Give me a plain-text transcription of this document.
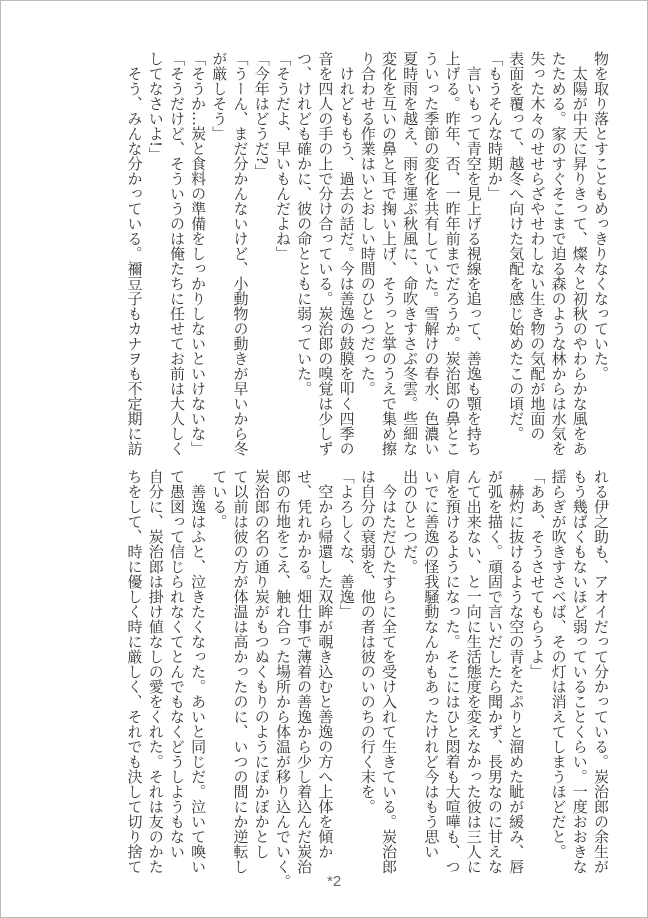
物を取り落とすこともめっきりなくなっていた。
　太陽が中天に昇りきって、燦々と初秋のやわらかな風をあ
たためる。家のすぐそこまで迫る森のような林からは水気を
失った木々のせせらざやせわしない生き物の気配が地面の
表面を覆って、越冬へ向けた気配を感じ始めたこの頃だ。
「もうそんな時期か」
　言いもって青空を見上げる視線を追って、善逸も顎を持ち
上げる。昨年、否、一昨年前までだろうか。炭治郎の鼻とこ
ういった季節の変化を共有していた。雪解けの春水、色濃い
夏時雨を越え、雨を運ぶ秋風に、命吹きすさぶ冬雲。些細な
変化を互いの鼻と耳で掬い上げ、そうっと掌のうえで集め擦
り合わせる作業はいとおしい時間のひとつだった。
　けれどももう、過去の話だ。今は善逸の鼓膜を叩く四季の
音を四人の手の上で分け合っている。炭治郎の嗅覚は少しず
つ、けれども確かに、彼の命とともに弱っていた。
「そうだよ、早いもんだよね」
「今年はどうだ?」
「うーん、まだ分かんないけど、小動物の動きが早いから冬
が厳しそう」
「そうか…炭と食料の準備をしっかりしないといけないな」
「そうだけど、そういうのは俺たちに任せてお前は大人しく
してなさいよ!」
　そう、みんな分かっている。禰豆子もカナヲも不定期に訪
れる伊之助も、アオイだって分かっている。炭治郎の余生が
もう幾ばくもないほど弱っていることくらい。一度おおきな
揺らぎが吹きすさべば、その灯は消えてしまうほどだと。
「ああ、そうさせてもらうよ」
　赫灼に抜けるような空の青をたぷりと溜めた眦が緩み、唇
が弧を描く。頑固で言いだしたら聞かず、長男なのに甘えな
んて出来ない、と一向に生活態度を変えなかった彼は三人に
肩を預けるようになった。そこにはひと悶着も大喧嘩も、つ
いでに善逸の怪我騒動なんかもあったけれど今はもう思い
出のひとつだ。
　今はただひたすらに全てを受け入れて生きている。炭治郎
は自分の衰弱を、他の者は彼のいのちの行く末を。
「よろしくな、善逸」
　空から帰還した双眸が覗き込むと善逸の方へ上体を傾か
せ、凭れかかる。畑仕事で薄着の善逸から少し着込んだ炭治
郎の布地をこえ、触れ合った場所から体温が移り込んでいく。
炭治郎の名の通り炭がもつぬくもりのようにぽかぽかとし
て以前は彼の方が体温は高かったのに、いつの間にか逆転し
ている。
　善逸はふと、泣きたくなった。あいと同じだ。泣いて喚い
て愚図って信じられなくてとんでもなくどうしようもない
自分に、炭治郎は掛け値なしの愛をくれた。それは友のかた
ちをして、時に優しく時に厳しく、それでも決して切り捨て
*2
